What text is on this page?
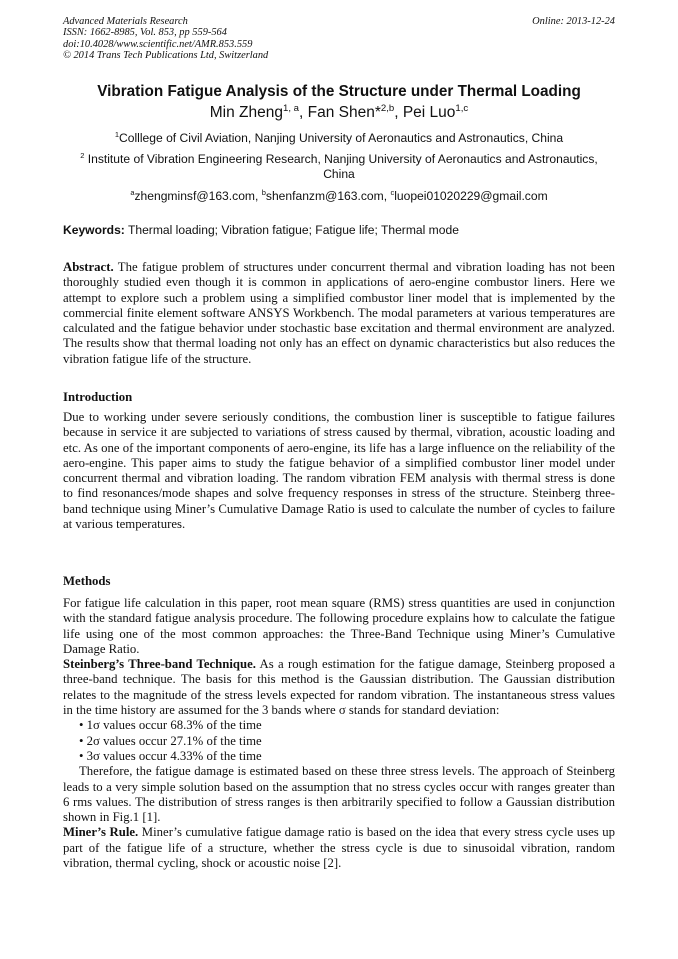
Advanced Materials Research
ISSN: 1662-8985, Vol. 853, pp 559-564
doi:10.4028/www.scientific.net/AMR.853.559
© 2014 Trans Tech Publications Ltd, Switzerland
Online: 2013-12-24
Vibration Fatigue Analysis of the Structure under Thermal Loading
Min Zheng$^{1, a}$, Fan Shen*$^{2,b}$, Pei Luo$^{1,c}$
$^1$Colllege of Civil Aviation, Nanjing University of Aeronautics and Astronautics, China
$^2$ Institute of Vibration Engineering Research, Nanjing University of Aeronautics and Astronautics, China
$^a$zhengminsf@163.com, $^b$shenfanzm@163.com, $^c$luopei01020229@gmail.com
Keywords: Thermal loading; Vibration fatigue; Fatigue life; Thermal mode
Abstract. The fatigue problem of structures under concurrent thermal and vibration loading has not been thoroughly studied even though it is common in applications of aero-engine combustor liners. Here we attempt to explore such a problem using a simplified combustor liner model that is implemented by the commercial finite element software ANSYS Workbench. The modal parameters at various temperatures are calculated and the fatigue behavior under stochastic base excitation and thermal environment are analyzed. The results show that thermal loading not only has an effect on dynamic characteristics but also reduces the vibration fatigue life of the structure.
Introduction
Due to working under severe seriously conditions, the combustion liner is susceptible to fatigue failures because in service it are subjected to variations of stress caused by thermal, vibration, acoustic loading and etc. As one of the important components of aero-engine, its life has a large influence on the reliability of the aero-engine. This paper aims to study the fatigue behavior of a simplified combustor liner model under concurrent thermal and vibration loading. The random vibration FEM analysis with thermal stress is done to find resonances/mode shapes and solve frequency responses in stress of the structure. Steinberg three-band technique using Miner’s Cumulative Damage Ratio is used to calculate the number of cycles to failure at various temperatures.
Methods

For fatigue life calculation in this paper, root mean square (RMS) stress quantities are used in conjunction with the standard fatigue analysis procedure. The following procedure explains how to calculate the fatigue life using one of the most common approaches: the Three-Band Technique using Miner’s Cumulative Damage Ratio.

Steinberg’s Three-band Technique. As a rough estimation for the fatigue damage, Steinberg proposed a three-band technique. The basis for this method is the Gaussian distribution. The Gaussian distribution relates to the magnitude of the stress levels expected for random vibration. The instantaneous stress values in the time history are assumed for the 3 bands where σ stands for standard deviation:

• 1σ values occur 68.3% of the time
• 2σ values occur 27.1% of the time
• 3σ values occur 4.33% of the time

Therefore, the fatigue damage is estimated based on these three stress levels. The approach of Steinberg leads to a very simple solution based on the assumption that no stress cycles occur with ranges greater than 6 rms values. The distribution of stress ranges is then arbitrarily specified to follow a Gaussian distribution shown in Fig.1 [1].

Miner’s Rule. Miner’s cumulative fatigue damage ratio is based on the idea that every stress cycle uses up part of the fatigue life of a structure, whether the stress cycle is due to sinusoidal vibration, random vibration, thermal cycling, shock or acoustic noise [2].
